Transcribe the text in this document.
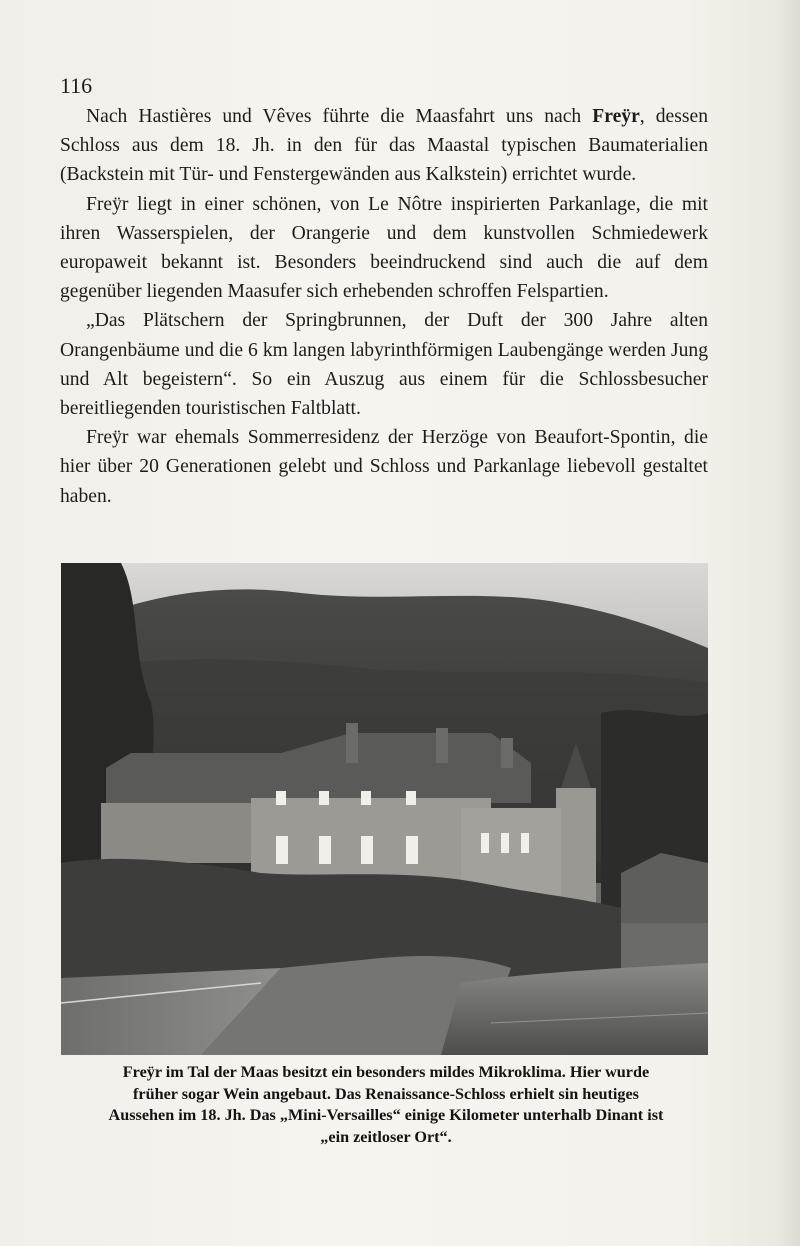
116

Nach Hastières und Vêves führte die Maasfahrt uns nach Freÿr, dessen Schloss aus dem 18. Jh. in den für das Maastal typischen Baumaterialien (Backstein mit Tür- und Fenstergewänden aus Kalkstein) errichtet wurde.

Freÿr liegt in einer schönen, von Le Nôtre inspirierten Parkanlage, die mit ihren Wasserspielen, der Orangerie und dem kunstvollen Schmiedewerk europaweit bekannt ist. Besonders beeindruckend sind auch die auf dem gegenüber liegenden Maasufer sich erhebenden schroffen Felspartien.

„Das Plätschern der Springbrunnen, der Duft der 300 Jahre alten Orangenbäume und die 6 km langen labyrinthförmigen Laubengänge werden Jung und Alt begeistern“. So ein Auszug aus einem für die Schlossbesucher bereitliegenden touristischen Faltblatt.

Freÿr war ehemals Sommerresidenz der Herzöge von Beaufort-Spontin, die hier über 20 Generationen gelebt und Schloss und Parkanlage liebevoll gestaltet haben.

Freÿr im Tal der Maas besitzt ein besonders mildes Mikroklima. Hier wurde
früher sogar Wein angebaut. Das Renaissance-Schloss erhielt sin heutiges
Aussehen im 18. Jh. Das „Mini-Versailles“ einige Kilometer unterhalb Dinant ist
„ein zeitloser Ort“.
